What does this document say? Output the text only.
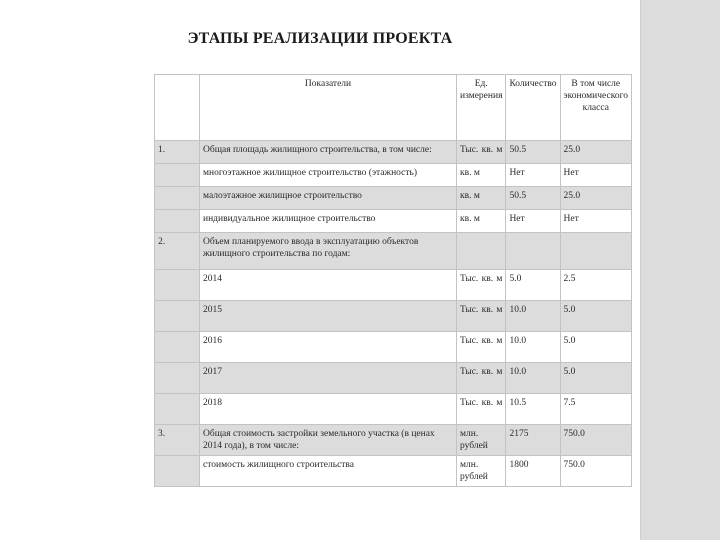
ЭТАПЫ РЕАЛИЗАЦИИ ПРОЕКТА
	Показатели	Ед. измерения	Количество	В том числе экономического класса
1.	Общая площадь жилищного строительства, в том числе:	Тыс. кв. м	50.5	25.0
	многоэтажное жилищное строительство (этажность)	кв. м	Нет	Нет
	малоэтажное жилищное строительство	кв. м	50.5	25.0
	индивидуальное жилищное строительство	кв. м	Нет	Нет
2.	Объем планируемого ввода в эксплуатацию объектов жилищного строительства по годам:			
	2014	Тыс. кв. м	5.0	2.5
	2015	Тыс. кв. м	10.0	5.0
	2016	Тыс. кв. м	10.0	5.0
	2017	Тыс. кв. м	10.0	5.0
	2018	Тыс. кв. м	10.5	7.5
3.	Общая стоимость застройки земельного участка (в ценах 2014 года), в том числе:	млн. рублей	2175	750.0
	стоимость жилищного строительства	млн. рублей	1800	750.0
